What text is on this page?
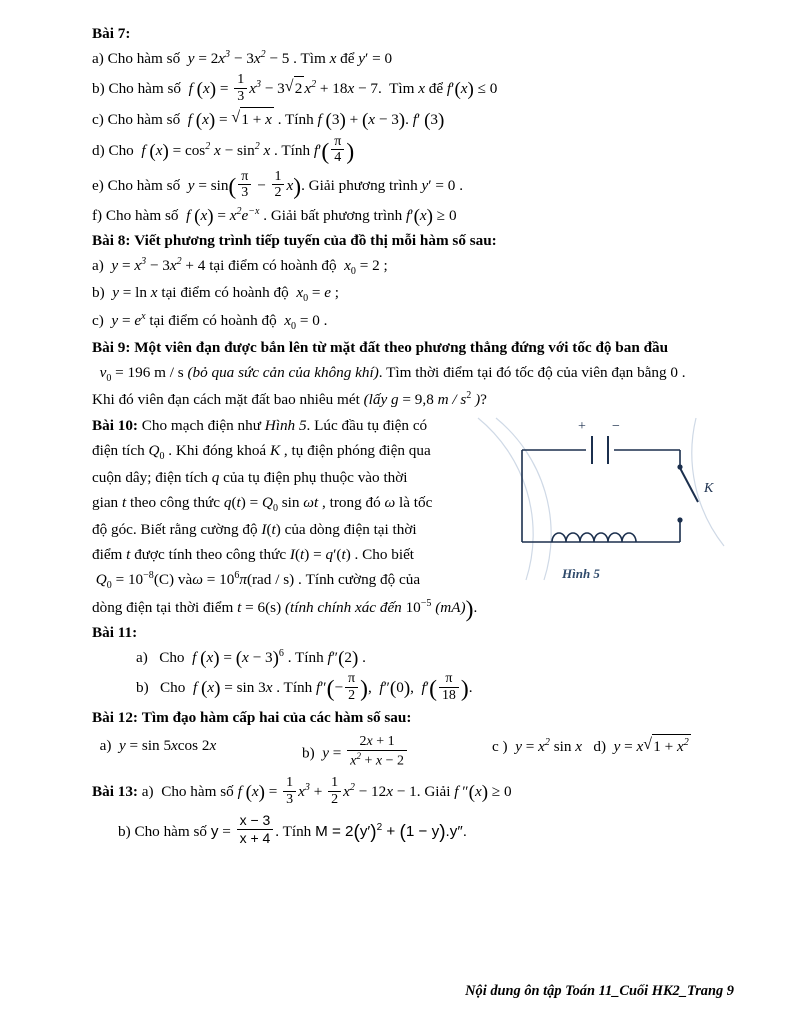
Bài 7:
a) Cho hàm số  $y = 2x^3 - 3x^2 - 5$ . Tìm x để y′ = 0
b) Cho hàm số  f $(x) = \frac{1}{3} x^3 - 3$ √ 2 $x^2 + 18x - 7$.  Tìm x để f′(x) ≤ 0
c) Cho hàm số  f (x) = √ 1 + x . Tính f (3) + (x − 3). f′ (3)
d) Cho  f $(x) = \cos^2 x - \sin^2 x$ . Tính $f'( \frac{\pi}{4}$ )
e) Cho hàm số  $y = \sin( \frac{\pi}{3} - \frac{1}{2} x)$. Giải phương trình y′ = 0 .
f) Cho hàm số  f $(x) = x^2e^{-x}$ . Giải bất phương trình f′(x) ≥ 0
Bài 8: Viết phương trình tiếp tuyến của đồ thị mỗi hàm số sau:
a)  $y = x^3 - 3x^2 + 4$ tại điểm có hoành độ  $x_0 = 2$ ;
b)  y = ln x tại điểm có hoành độ  $x_0 = e$ ;
c)  $y = e^x$ tại điểm có hoành độ  $x_0 = 0$ .
Bài 9: Một viên đạn được bắn lên từ mặt đất theo phương thẳng đứng với tốc độ ban đầu
$v_0 = 196$ m / s (bỏ qua sức cản của không khí). Tìm thời điểm tại đó tốc độ của viên đạn bằng 0 .
Khi đó viên đạn cách mặt đất bao nhiêu mét (lấy g = 9,8 m / $s^2$ )?
+ −
K
Hình 5
Bài 10: Cho mạch điện như Hình 5. Lúc đầu tụ điện có
điện tích $Q_0$ . Khi đóng khoá K , tụ điện phóng điện qua
cuộn dây; điện tích q của tụ điện phụ thuộc vào thời
gian t theo công thức $q(t) = Q_0$ sin ωt , trong đó ω là tốc
độ góc. Biết rằng cường độ I(t) của dòng điện tại thời
điểm t được tính theo công thức I(t) = q′(t) . Cho biết
$Q_0 = 10^{-8}(C)$ vàω = $10^6\pi(rad / s)$ . Tính cường độ của
dòng điện tại thời điểm t = 6(s) (tính chính xác đến $10^{-5}$ (mA)).
Bài 11:
a)   Cho  f $(x) = (x - 3)^6$ . Tính f″(2) .
b)   Cho  f (x) = sin 3x . Tính $f''(- \frac{\pi}{2}$ ),  f″(0),  $f'( \frac{\pi}{18}$ ).
Bài 12: Tìm đạo hàm cấp hai của các hàm số sau:
a)  y = sin 5xcos 2x	b)  $y = \frac{2x + 1}{x^2 + x - 2}$	c )  $y = x^2$ sin x   d)  y = x √ $1 + x^2$
Bài 13: a)  Cho hàm số f $(x) = \frac{1}{3} x^3 + \frac{1}{2} x^2 - 12x - 1$. Giải f ″(x) ≥ 0
b) Cho hàm số $y = \frac{x - 3}{x + 4}$ . Tính $M = 2(y')^2 + (1 - y).y''$.
Nội dung ôn tập Toán 11_Cuối HK2_Trang 9
